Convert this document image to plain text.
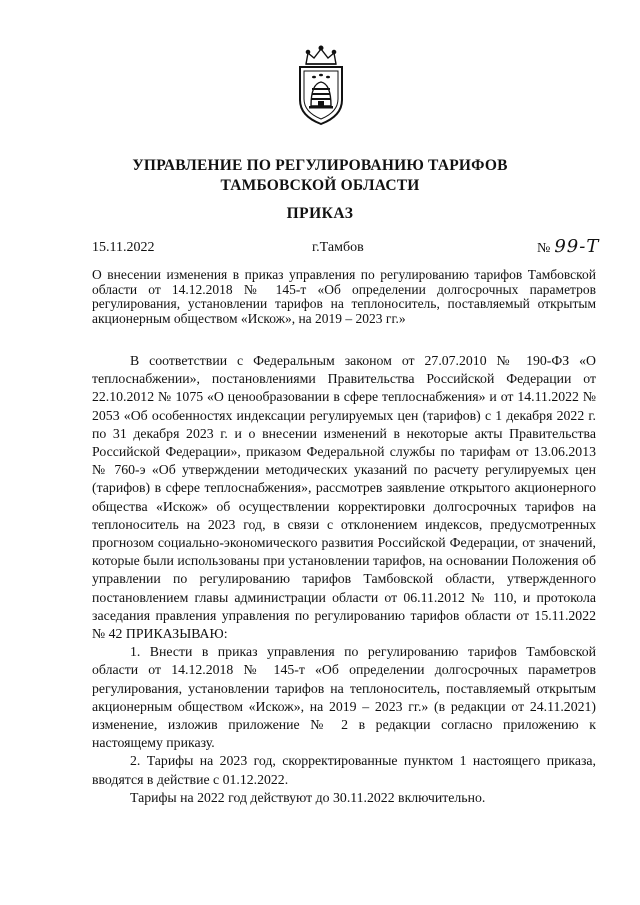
УПРАВЛЕНИЕ ПО РЕГУЛИРОВАНИЮ ТАРИФОВ
ТАМБОВСКОЙ ОБЛАСТИ
ПРИКАЗ
15.11.2022	г.Тамбов	№ 99-Т
О внесении изменения в приказ управления по регулированию тарифов Тамбовской области от 14.12.2018 № 145-т «Об определении долгосрочных параметров регулирования, установлении тарифов на теплоноситель, поставляемый открытым акционерным обществом «Искож», на 2019 – 2023 гг.»

В соответствии с Федеральным законом от 27.07.2010 № 190-ФЗ «О теплоснабжении», постановлениями Правительства Российской Федерации от 22.10.2012 № 1075 «О ценообразовании в сфере теплоснабжения» и от 14.11.2022 № 2053 «Об особенностях индексации регулируемых цен (тарифов) с 1 декабря 2022 г. по 31 декабря 2023 г. и о внесении изменений в некоторые акты Правительства Российской Федерации», приказом Федеральной службы по тарифам от 13.06.2013 № 760-э «Об утверждении методических указаний по расчету регулируемых цен (тарифов) в сфере теплоснабжения», рассмотрев заявление открытого акционерного общества «Искож» об осуществлении корректировки долгосрочных тарифов на теплоноситель на 2023 год, в связи с отклонением индексов, предусмотренных прогнозом социально-экономического развития Российской Федерации, от значений, которые были использованы при установлении тарифов, на основании Положения об управлении по регулированию тарифов Тамбовской области, утвержденного постановлением главы администрации области от 06.11.2012 № 110, и протокола заседания правления управления по регулированию тарифов области от 15.11.2022 № 42 ПРИКАЗЫВАЮ:

1. Внести в приказ управления по регулированию тарифов Тамбовской области от 14.12.2018 № 145-т «Об определении долгосрочных параметров регулирования, установлении тарифов на теплоноситель, поставляемый открытым акционерным обществом «Искож», на 2019 – 2023 гг.» (в редакции от 24.11.2021) изменение, изложив приложение № 2 в редакции согласно приложению к настоящему приказу.

2. Тарифы на 2023 год, скорректированные пунктом 1 настоящего приказа, вводятся в действие с 01.12.2022.

Тарифы на 2022 год действуют до 30.11.2022 включительно.
